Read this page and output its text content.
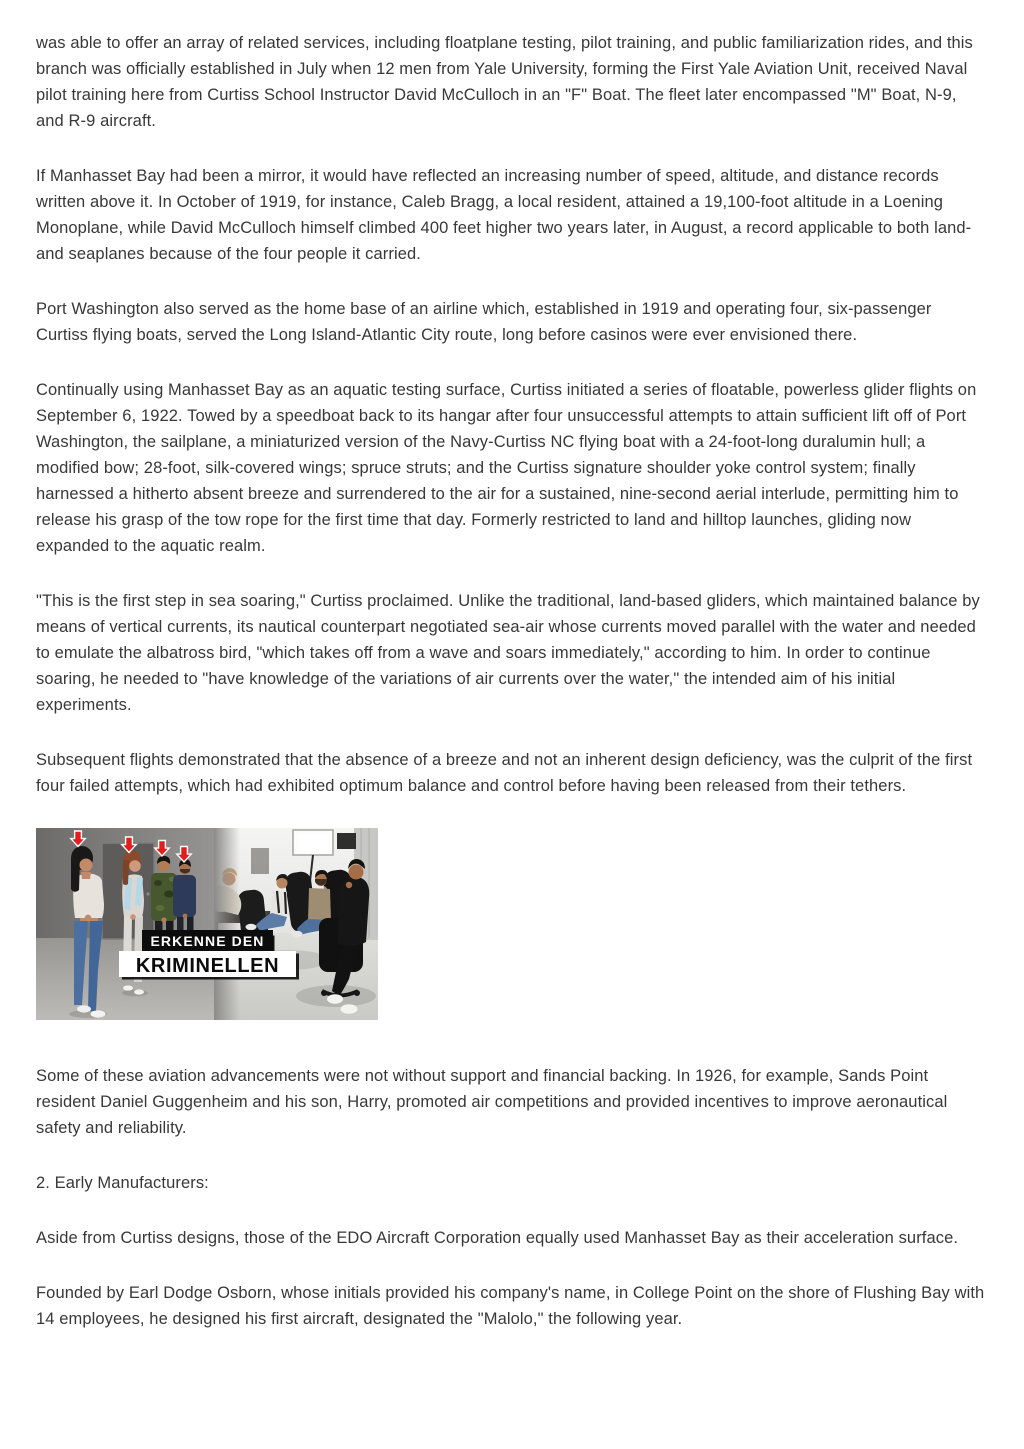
was able to offer an array of related services, including floatplane testing, pilot training, and public familiarization rides, and this branch was officially established in July when 12 men from Yale University, forming the First Yale Aviation Unit, received Naval pilot training here from Curtiss School Instructor David McCulloch in an "F" Boat. The fleet later encompassed "M" Boat, N-9, and R-9 aircraft.

If Manhasset Bay had been a mirror, it would have reflected an increasing number of speed, altitude, and distance records written above it. In October of 1919, for instance, Caleb Bragg, a local resident, attained a 19,100-foot altitude in a Loening Monoplane, while David McCulloch himself climbed 400 feet higher two years later, in August, a record applicable to both land- and seaplanes because of the four people it carried.

Port Washington also served as the home base of an airline which, established in 1919 and operating four, six-passenger Curtiss flying boats, served the Long Island-Atlantic City route, long before casinos were ever envisioned there.

Continually using Manhasset Bay as an aquatic testing surface, Curtiss initiated a series of floatable, powerless glider flights on September 6, 1922. Towed by a speedboat back to its hangar after four unsuccessful attempts to attain sufficient lift off of Port Washington, the sailplane, a miniaturized version of the Navy-Curtiss NC flying boat with a 24-foot-long duralumin hull; a modified bow; 28-foot, silk-covered wings; spruce struts; and the Curtiss signature shoulder yoke control system; finally harnessed a hitherto absent breeze and surrendered to the air for a sustained, nine-second aerial interlude, permitting him to release his grasp of the tow rope for the first time that day. Formerly restricted to land and hilltop launches, gliding now expanded to the aquatic realm.

"This is the first step in sea soaring," Curtiss proclaimed. Unlike the traditional, land-based gliders, which maintained balance by means of vertical currents, its nautical counterpart negotiated sea-air whose currents moved parallel with the water and needed to emulate the albatross bird, "which takes off from a wave and soars immediately," according to him. In order to continue soaring, he needed to "have knowledge of the variations of air currents over the water," the intended aim of his initial experiments.

Subsequent flights demonstrated that the absence of a breeze and not an inherent design deficiency, was the culprit of the first four failed attempts, which had exhibited optimum balance and control before having been released from their tethers.

ERKENNE DEN
KRIMINELLEN

Some of these aviation advancements were not without support and financial backing. In 1926, for example, Sands Point resident Daniel Guggenheim and his son, Harry, promoted air competitions and provided incentives to improve aeronautical safety and reliability.

2. Early Manufacturers:

Aside from Curtiss designs, those of the EDO Aircraft Corporation equally used Manhasset Bay as their acceleration surface.

Founded by Earl Dodge Osborn, whose initials provided his company's name, in College Point on the shore of Flushing Bay with 14 employees, he designed his first aircraft, designated the "Malolo," the following year.
